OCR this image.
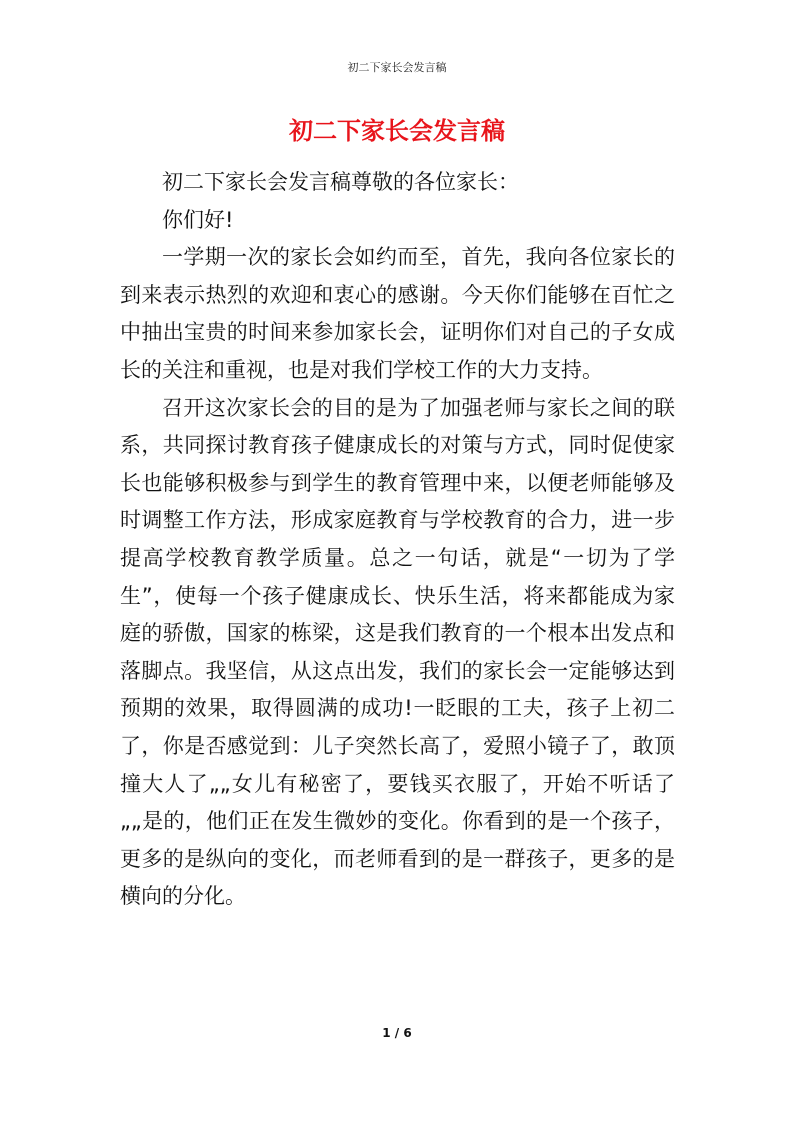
初二下家长会发言稿
初二下家长会发言稿

初二下家长会发言稿尊敬的各位家长：

你们好!

一学期一次的家长会如约而至，首先，我向各位家长的到来表示热烈的欢迎和衷心的感谢。今天你们能够在百忙之中抽出宝贵的时间来参加家长会，证明你们对自己的子女成长的关注和重视，也是对我们学校工作的大力支持。

召开这次家长会的目的是为了加强老师与家长之间的联系，共同探讨教育孩子健康成长的对策与方式，同时促使家长也能够积极参与到学生的教育管理中来，以便老师能够及时调整工作方法，形成家庭教育与学校教育的合力，进一步提高学校教育教学质量。总之一句话，就是“一切为了学生”，使每一个孩子健康成长、快乐生活，将来都能成为家庭的骄傲，国家的栋梁，这是我们教育的一个根本出发点和落脚点。我坚信，从这点出发，我们的家长会一定能够达到预期的效果，取得圆满的成功!一眨眼的工夫，孩子上初二了，你是否感觉到：儿子突然长高了，爱照小镜子了，敢顶撞大人了„„女儿有秘密了，要钱买衣服了，开始不听话了„„是的，他们正在发生微妙的变化。你看到的是一个孩子，更多的是纵向的变化，而老师看到的是一群孩子，更多的是横向的分化。

1 / 6
